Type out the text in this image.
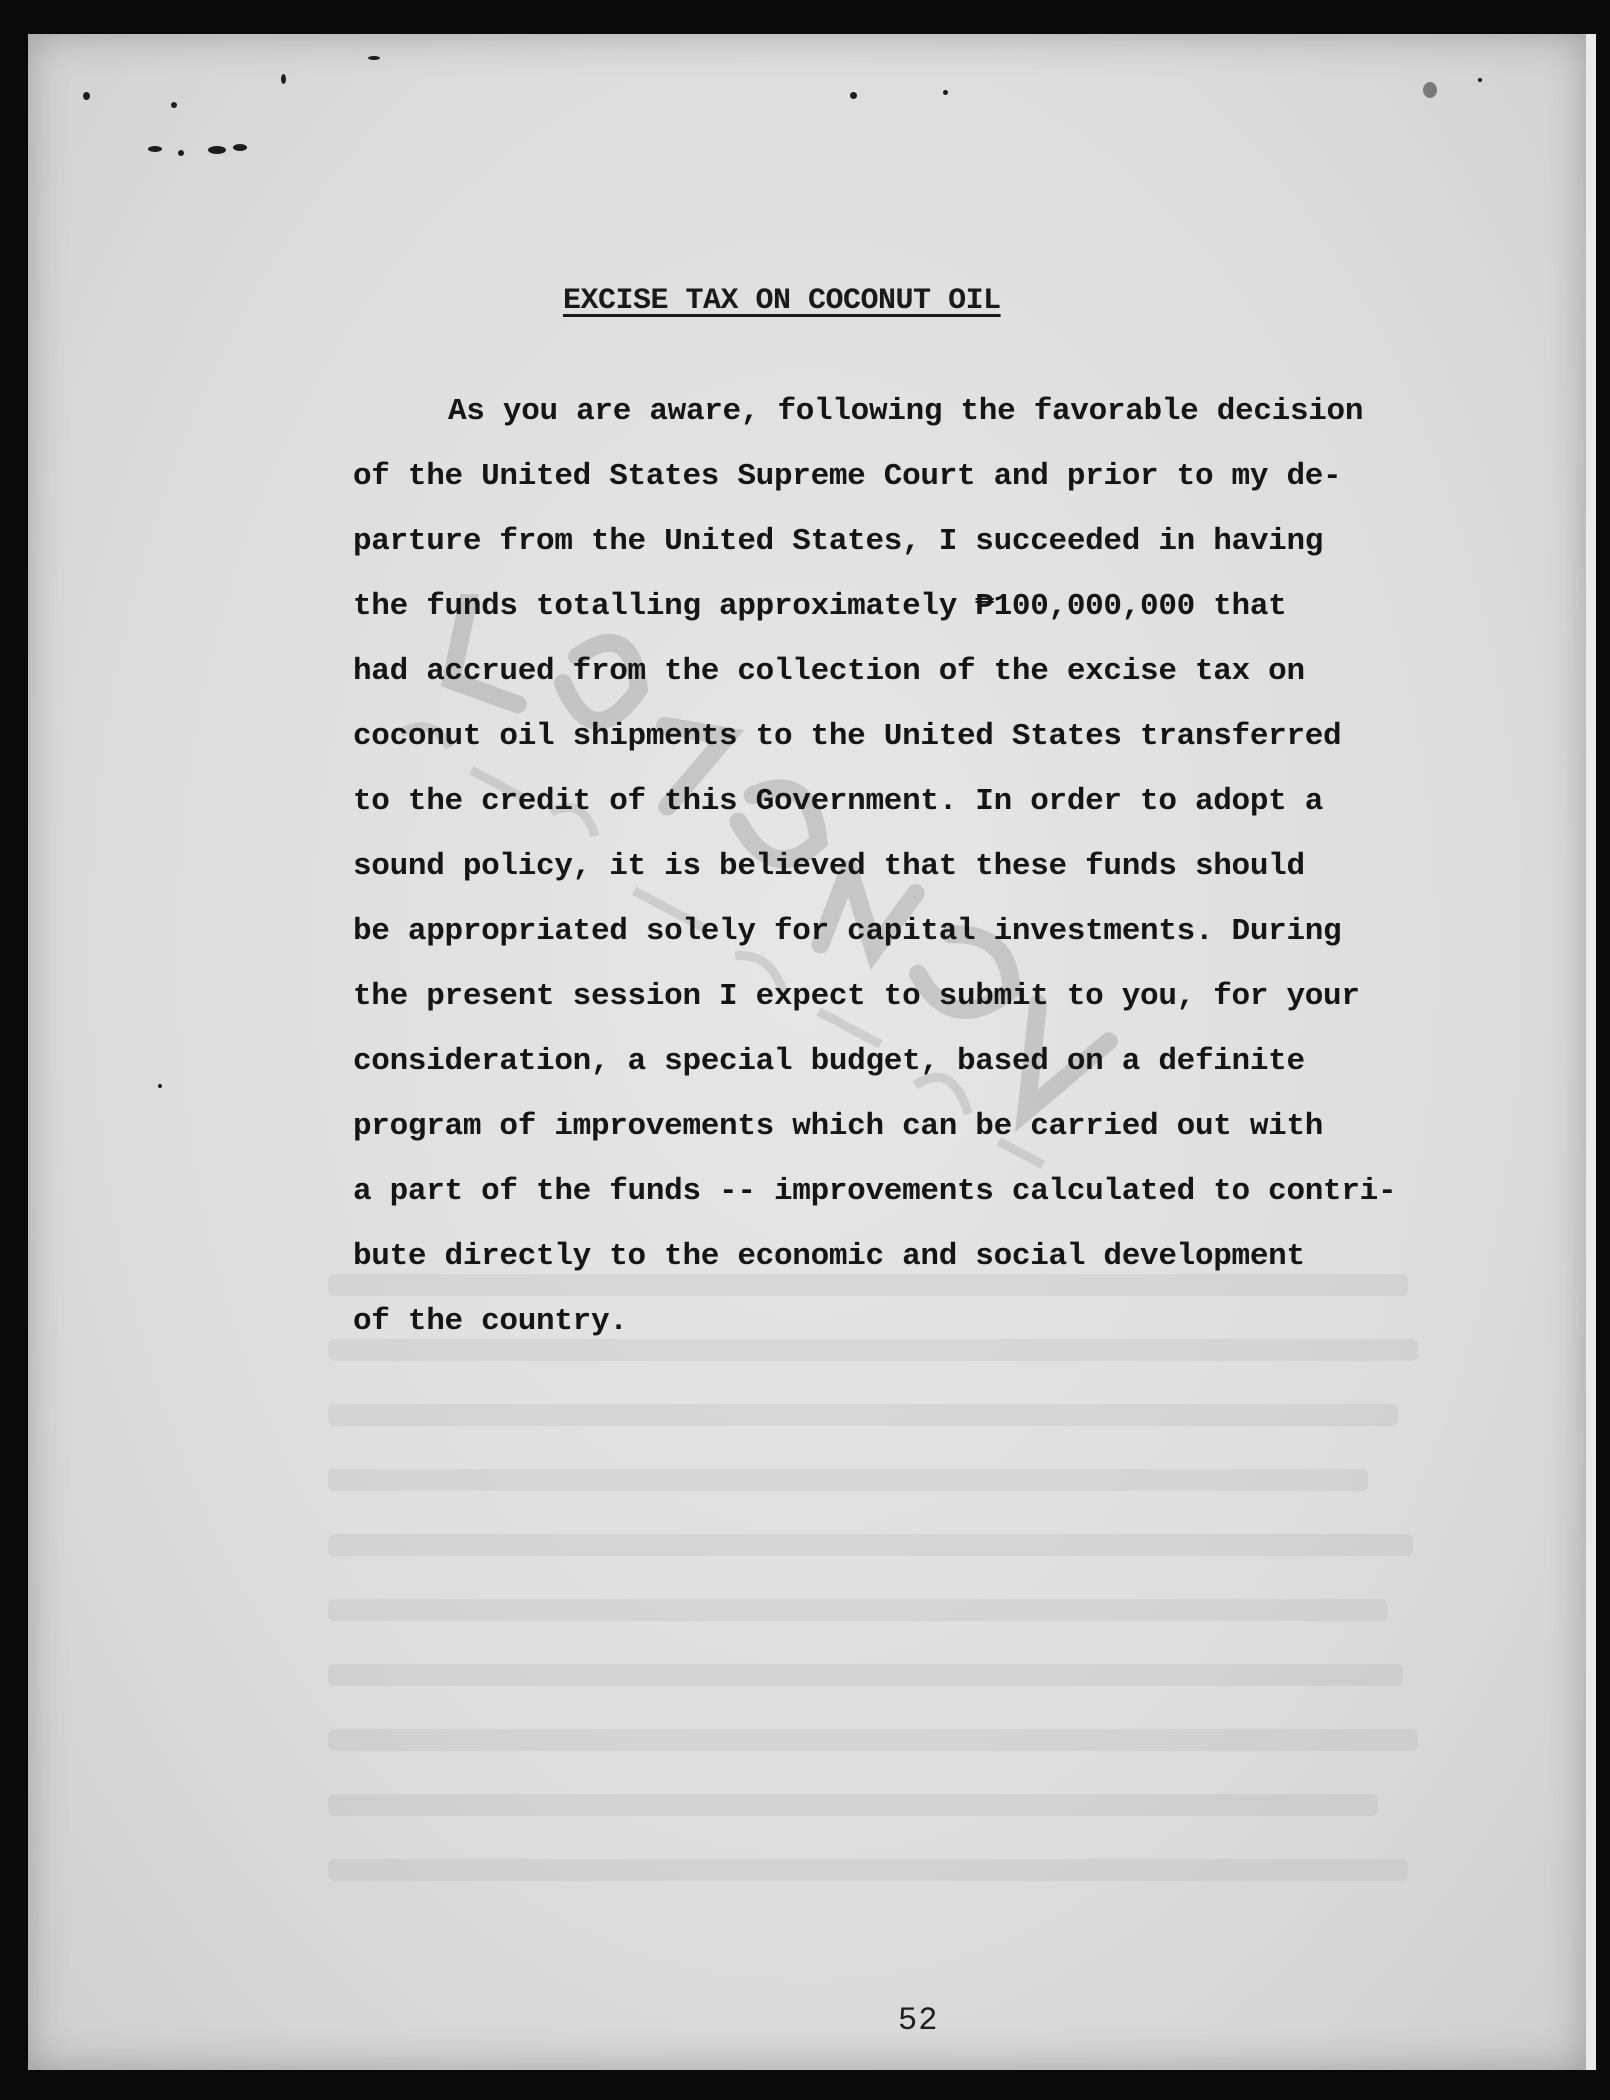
EXCISE TAX ON COCONUT OIL
As you are aware, following the favorable decision
of the United States Supreme Court and prior to my de-
parture from the United States, I succeeded in having
the funds totalling approximately ₱100,000,000 that
had accrued from the collection of the excise tax on
coconut oil shipments to the United States transferred
to the credit of this Government. In order to adopt a
sound policy, it is believed that these funds should
be appropriated solely for capital investments. During
the present session I expect to submit to you, for your
consideration, a special budget, based on a definite
program of improvements which can be carried out with
a part of the funds -- improvements calculated to contri-
bute directly to the economic and social development
of the country.
52
